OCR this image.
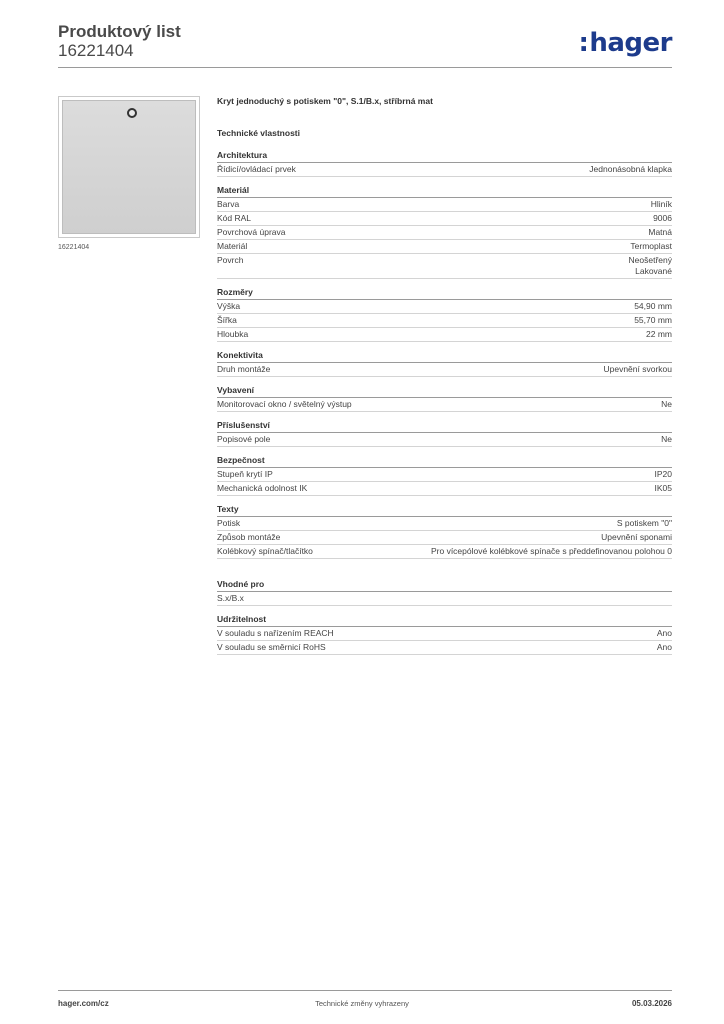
Produktový list
16221404	:hager
16221404
Kryt jednoduchý s potiskem "0", S.1/B.x, stříbrná mat
Technické vlastnosti
Architektura
Řídicí/ovládací prvek	Jednonásobná klapka
Materiál
Barva	Hliník
Kód RAL	9006
Povrchová úprava	Matná
Materiál	Termoplast
Povrch	Neošetřený
Lakované
Rozměry
Výška	54,90 mm
Šířka	55,70 mm
Hloubka	22 mm
Konektivita
Druh montáže	Upevnění svorkou
Vybavení
Monitorovací okno / světelný výstup	Ne
Příslušenství
Popisové pole	Ne
Bezpečnost
Stupeň krytí IP	IP20
Mechanická odolnost IK	IK05
Texty
Potisk	S potiskem "0"
Způsob montáže	Upevnění sponami
Kolébkový spínač/tlačítko	Pro vícepólové kolébkové spínače s předdefinovanou polohou 0
Vhodné pro
S.x/B.x
Udržitelnost
V souladu s nařízením REACH	Ano
V souladu se směrnicí RoHS	Ano
hager.com/cz	Technické změny vyhrazeny	05.03.2026
